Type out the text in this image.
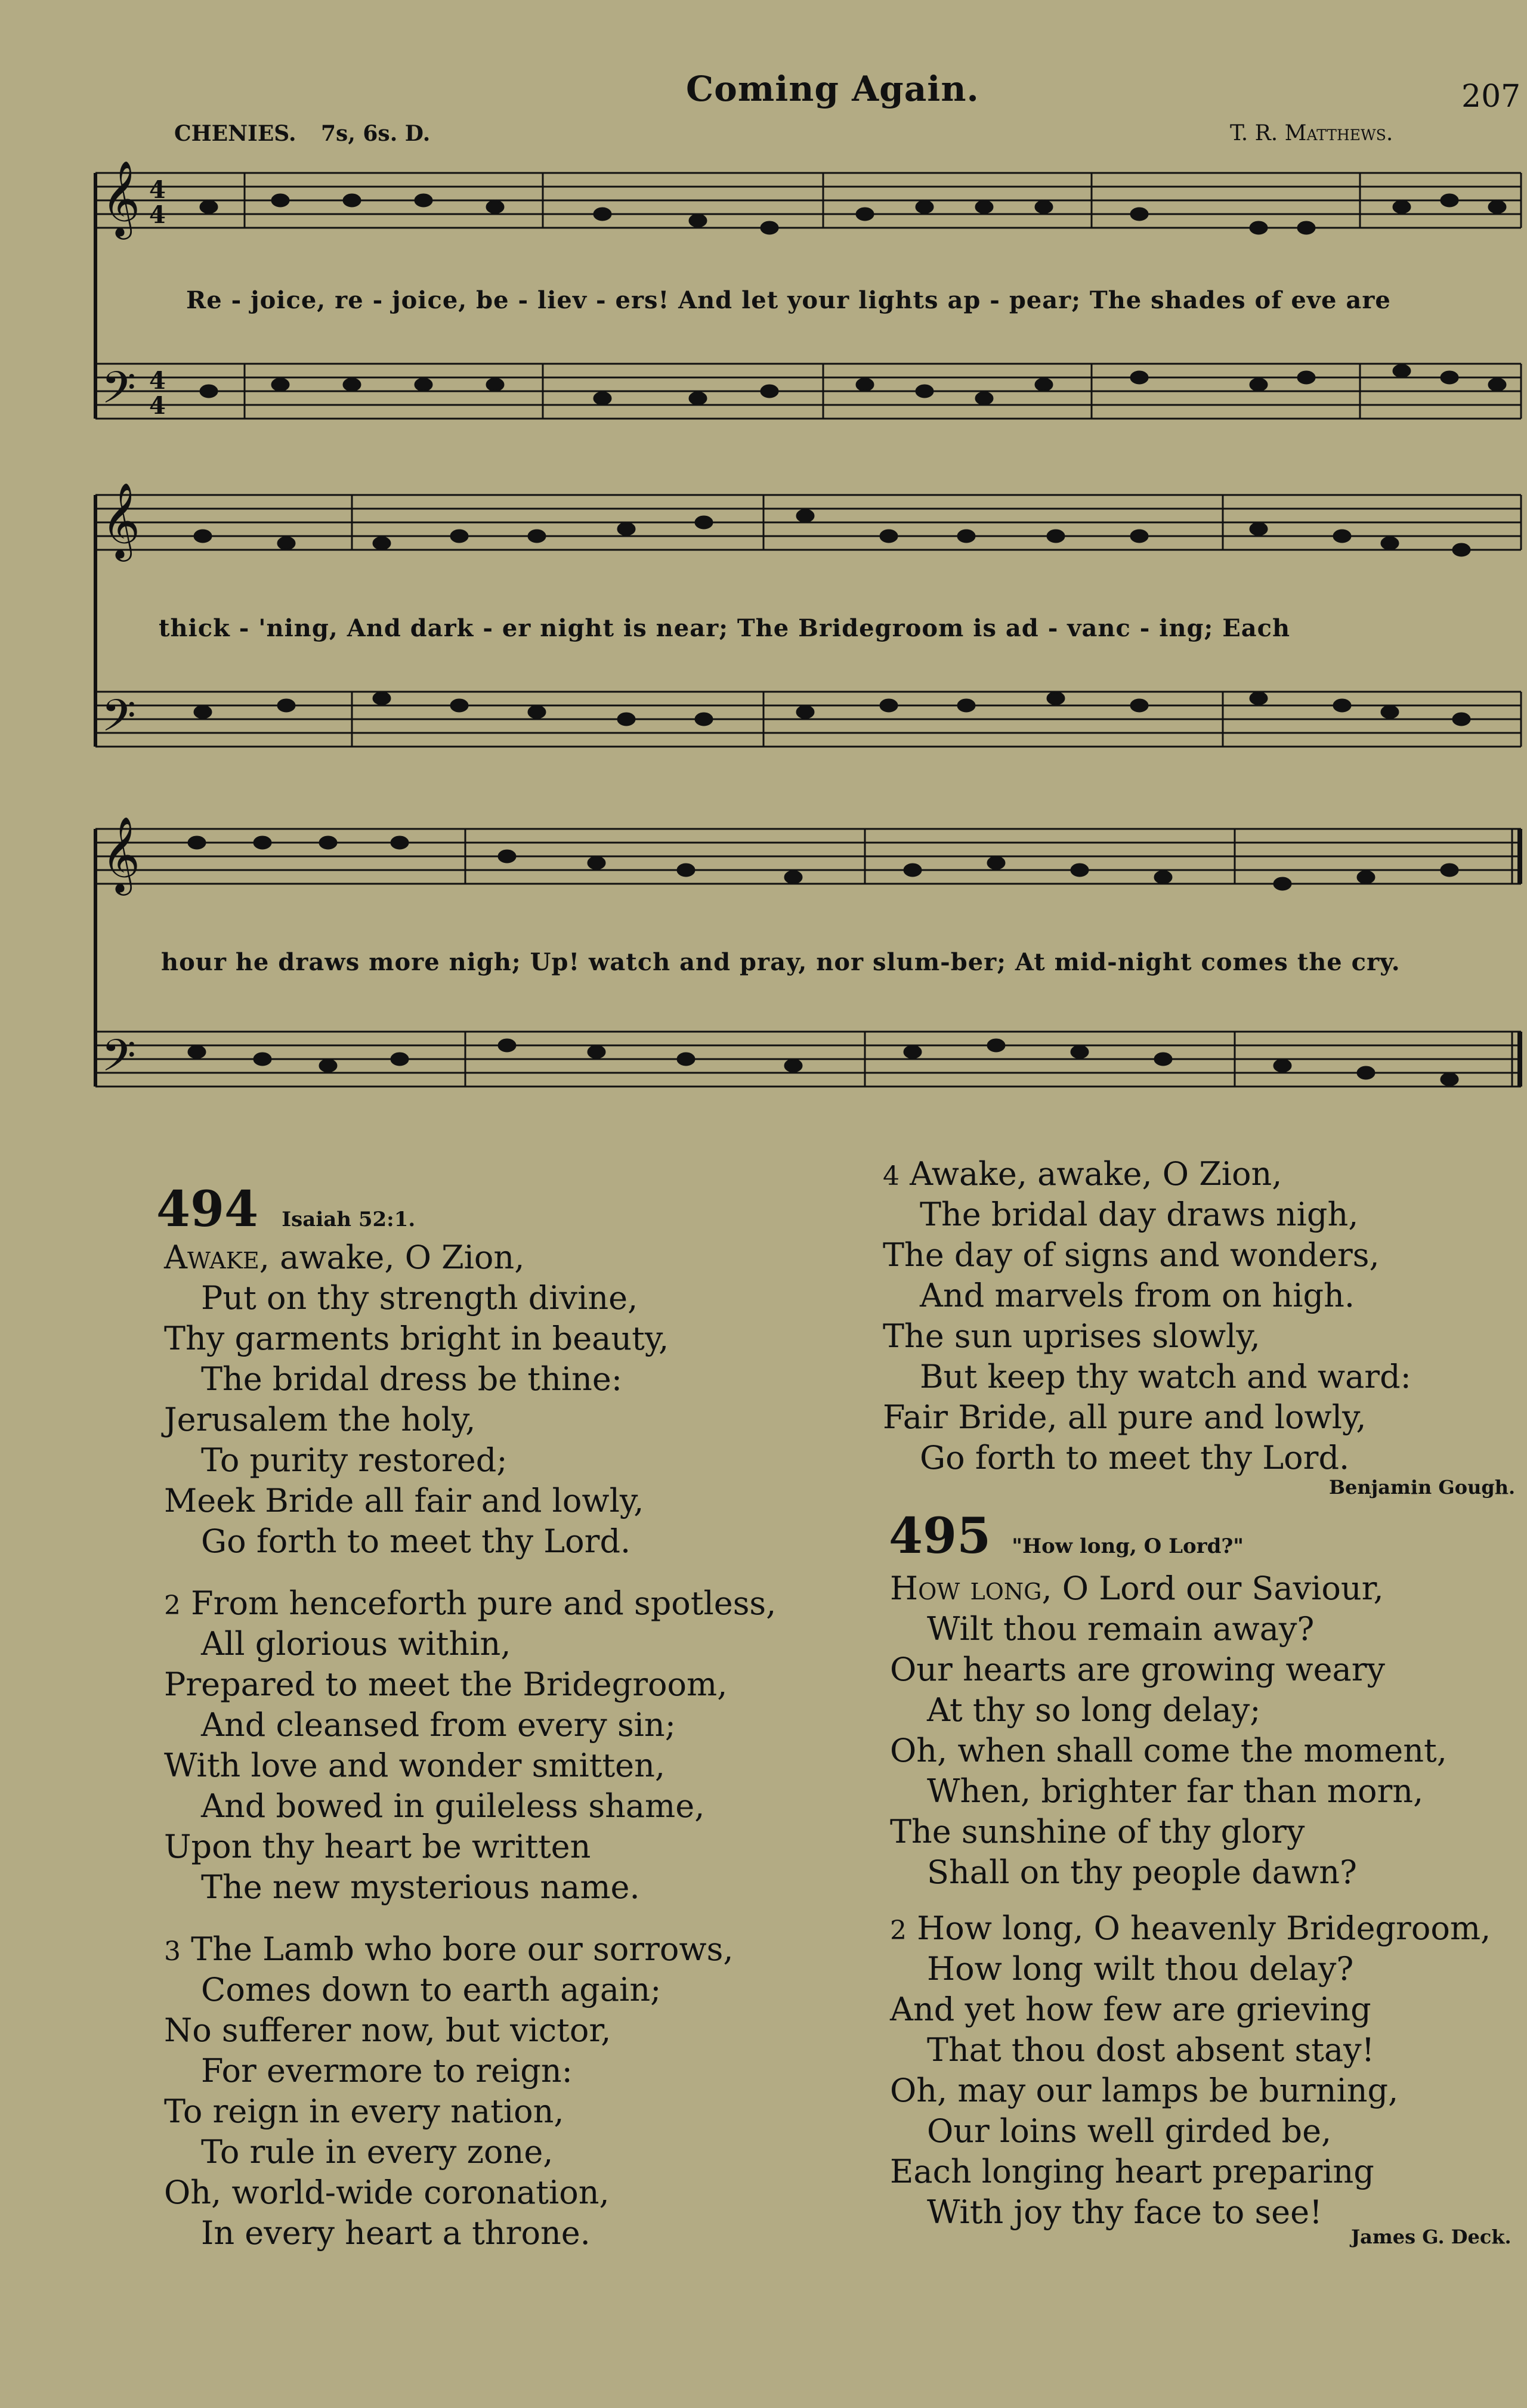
Coming Again.	207
CHENIES. 7s, 6s. D.	T. R. Matthews.
𝄞
𝄢
4
4
4
4
Re - joice, re - joice, be - liev - ers! And let your lights ap - pear; The shades of eve are
𝄞
𝄢
thick - 'ning, And dark - er night is near; The Bridegroom is ad - vanc - ing; Each
𝄞
𝄢
hour he draws more nigh; Up! watch and pray, nor slum-ber; At mid-night comes the cry.
494 Isaiah 52:1.
Awake, awake, O Zion,
Put on thy strength divine,
Thy garments bright in beauty,
The bridal dress be thine:
Jerusalem the holy,
To purity restored;
Meek Bride all fair and lowly,
Go forth to meet thy Lord.
2 From henceforth pure and spotless,
All glorious within,
Prepared to meet the Bridegroom,
And cleansed from every sin;
With love and wonder smitten,
And bowed in guileless shame,
Upon thy heart be written
The new mysterious name.
3 The Lamb who bore our sorrows,
Comes down to earth again;
No sufferer now, but victor,
For evermore to reign:
To reign in every nation,
To rule in every zone,
Oh, world-wide coronation,
In every heart a throne.
4 Awake, awake, O Zion,
The bridal day draws nigh,
The day of signs and wonders,
And marvels from on high.
The sun uprises slowly,
But keep thy watch and ward:
Fair Bride, all pure and lowly,
Go forth to meet thy Lord.
Benjamin Gough.
495 "How long, O Lord?"
How long, O Lord our Saviour,
Wilt thou remain away?
Our hearts are growing weary
At thy so long delay;
Oh, when shall come the moment,
When, brighter far than morn,
The sunshine of thy glory
Shall on thy people dawn?
2 How long, O heavenly Bridegroom,
How long wilt thou delay?
And yet how few are grieving
That thou dost absent stay!
Oh, may our lamps be burning,
Our loins well girded be,
Each longing heart preparing
With joy thy face to see!
James G. Deck.
